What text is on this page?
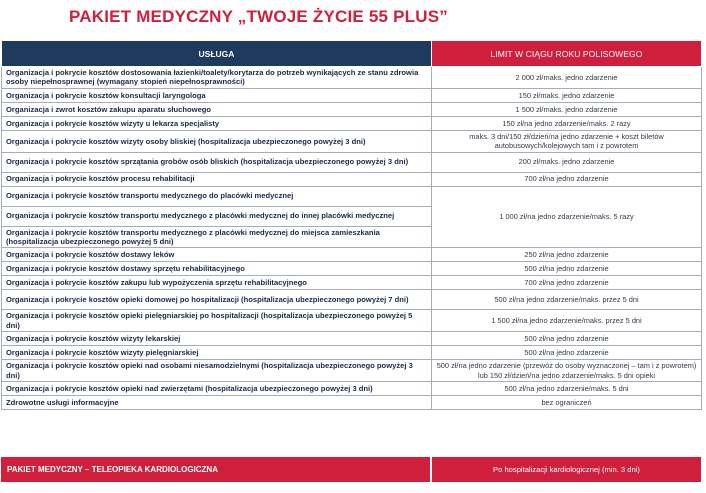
PAKIET MEDYCZNY „TWOJE ŻYCIE 55 PLUS”
USŁUGA	LIMIT W CIĄGU ROKU POLISOWEGO
Organizacja i pokrycie kosztów dostosowania łazienki/toalety/korytarza do potrzeb wynikających ze stanu zdrowia osoby niepełnosprawnej (wymagany stopień niepełnosprawności)	2 000 zł/maks. jedno zdarzenie
Organizacja i pokrycie kosztów konsultacji laryngologa	150 zł/maks. jedno zdarzenie
Organizacja i zwrot kosztów zakupu aparatu słuchowego	1 500 zł/maks. jedno zdarzenie
Organizacja i pokrycie kosztów wizyty u lekarza specjalisty	150 zł/na jedno zdarzenie/maks. 2 razy
Organizacja i pokrycie kosztów wizyty osoby bliskiej (hospitalizacja ubezpieczonego powyżej 3 dni)	maks. 3 dni/150 zł/dzień/na jedno zdarzenie + koszt biletów autobusowych/kolejowych tam i z powrotem
Organizacja i pokrycie kosztów sprzątania grobów osób bliskich (hospitalizacja ubezpieczonego powyżej 3 dni)	200 zł/maks. jedno zdarzenie
Organizacja i pokrycie kosztów procesu rehabilitacji	700 zł/na jedno zdarzenie
Organizacja i pokrycie kosztów transportu medycznego do placówki medycznej	1 000 zł/na jedno zdarzenie/maks. 5 razy
Organizacja i pokrycie kosztów transportu medycznego z placówki medycznej do innej placówki medycznej	
Organizacja i pokrycie kosztów transportu medycznego z placówki medycznej do miejsca zamieszkania (hospitalizacja ubezpieczonego powyżej 5 dni)	
Organizacja i pokrycie kosztów dostawy leków	250 zł/na jedno zdarzenie
Organizacja i pokrycie kosztów dostawy sprzętu rehabilitacyjnego	500 zł/na jedno zdarzenie
Organizacja i pokrycie kosztów zakupu lub wypożyczenia sprzętu rehabilitacyjnego	700 zł/na jedno zdarzenie
Organizacja i pokrycie kosztów opieki domowej po hospitalizacji (hospitalizacja ubezpieczonego powyżej 7 dni)	500 zł/na jedno zdarzenie/maks. przez 5 dni
Organizacja i pokrycie kosztów opieki pielęgniarskiej po hospitalizacji (hospitalizacja ubezpieczonego powyżej 5 dni)	1 500 zł/na jedno zdarzenie/maks. przez 5 dni
Organizacja i pokrycie kosztów wizyty lekarskiej	500 zł/na jedno zdarzenie
Organizacja i pokrycie kosztów wizyty pielęgniarskiej	500 zł/na jedno zdarzenie
Organizacja i pokrycie kosztów opieki nad osobami niesamodzielnymi (hospitalizacja ubezpieczonego powyżej 3 dni)	500 zł/na jedno zdarzenie (przewóz do osoby wyznaczonej – tam i z powrotem) lub 150 zł/dzień/na jedno zdarzenie/maks. 5 dni opieki
Organizacja i pokrycie kosztów opieki nad zwierzętami (hospitalizacja ubezpieczonego powyżej 3 dni)	500 zł/na jedno zdarzenie/maks. 5 dni
Zdrowotne usługi informacyjne	bez ograniczeń
PAKIET MEDYCZNY – TELEOPIEKA KARDIOLOGICZNA	Po hospitalizacji kardiologicznej (min. 3 dni)
